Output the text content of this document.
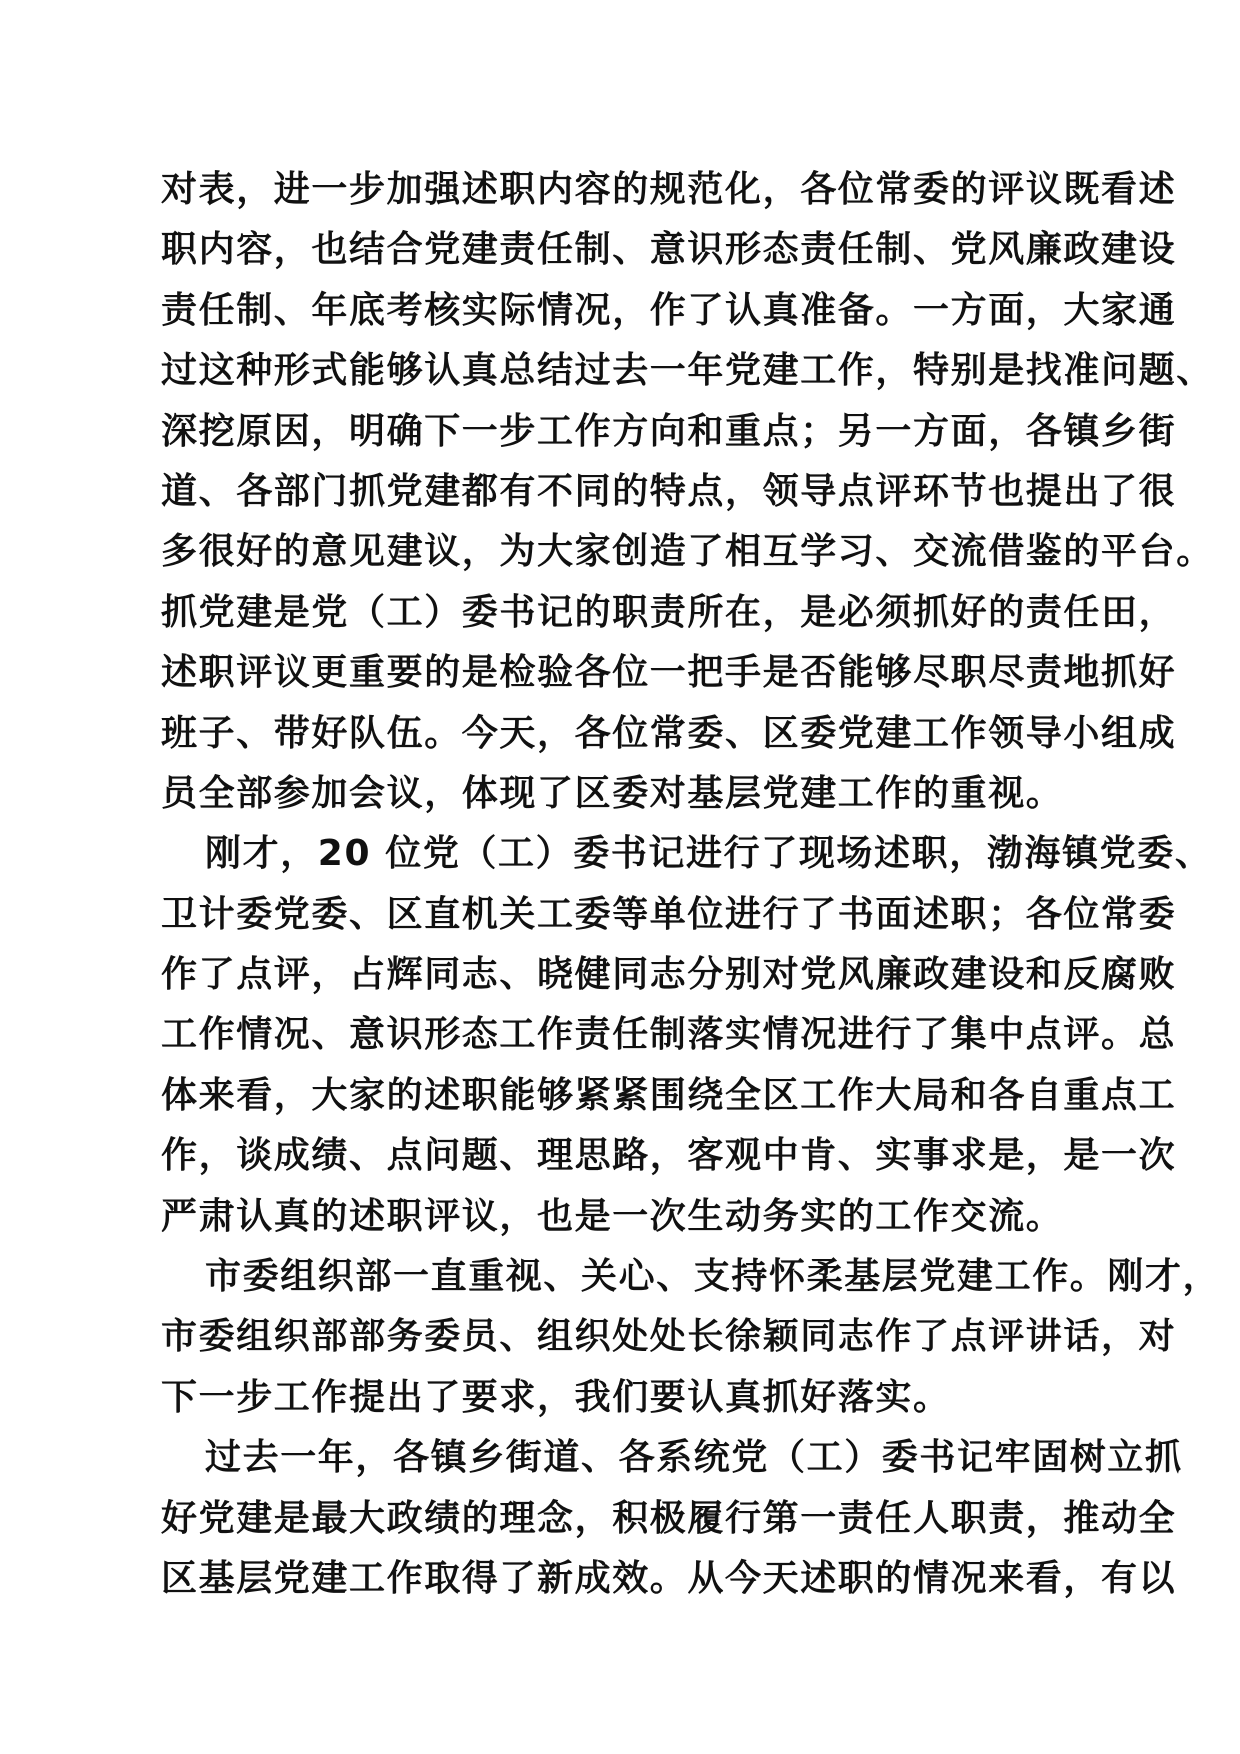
对表，进一步加强述职内容的规范化，各位常委的评议既看述
职内容，也结合党建责任制、意识形态责任制、党风廉政建设
责任制、年底考核实际情况，作了认真准备。一方面，大家通
过这种形式能够认真总结过去一年党建工作，特别是找准问题、
深挖原因，明确下一步工作方向和重点；另一方面，各镇乡街
道、各部门抓党建都有不同的特点，领导点评环节也提出了很
多很好的意见建议，为大家创造了相互学习、交流借鉴的平台。
抓党建是党（工）委书记的职责所在，是必须抓好的责任田，
述职评议更重要的是检验各位一把手是否能够尽职尽责地抓好
班子、带好队伍。今天，各位常委、区委党建工作领导小组成
员全部参加会议，体现了区委对基层党建工作的重视。
刚才，20 位党（工）委书记进行了现场述职，渤海镇党委、
卫计委党委、区直机关工委等单位进行了书面述职；各位常委
作了点评，占辉同志、晓健同志分别对党风廉政建设和反腐败
工作情况、意识形态工作责任制落实情况进行了集中点评。总
体来看，大家的述职能够紧紧围绕全区工作大局和各自重点工
作，谈成绩、点问题、理思路，客观中肯、实事求是，是一次
严肃认真的述职评议，也是一次生动务实的工作交流。
市委组织部一直重视、关心、支持怀柔基层党建工作。刚才，
市委组织部部务委员、组织处处长徐颖同志作了点评讲话，对
下一步工作提出了要求，我们要认真抓好落实。
过去一年，各镇乡街道、各系统党（工）委书记牢固树立抓
好党建是最大政绩的理念，积极履行第一责任人职责，推动全
区基层党建工作取得了新成效。从今天述职的情况来看，有以
